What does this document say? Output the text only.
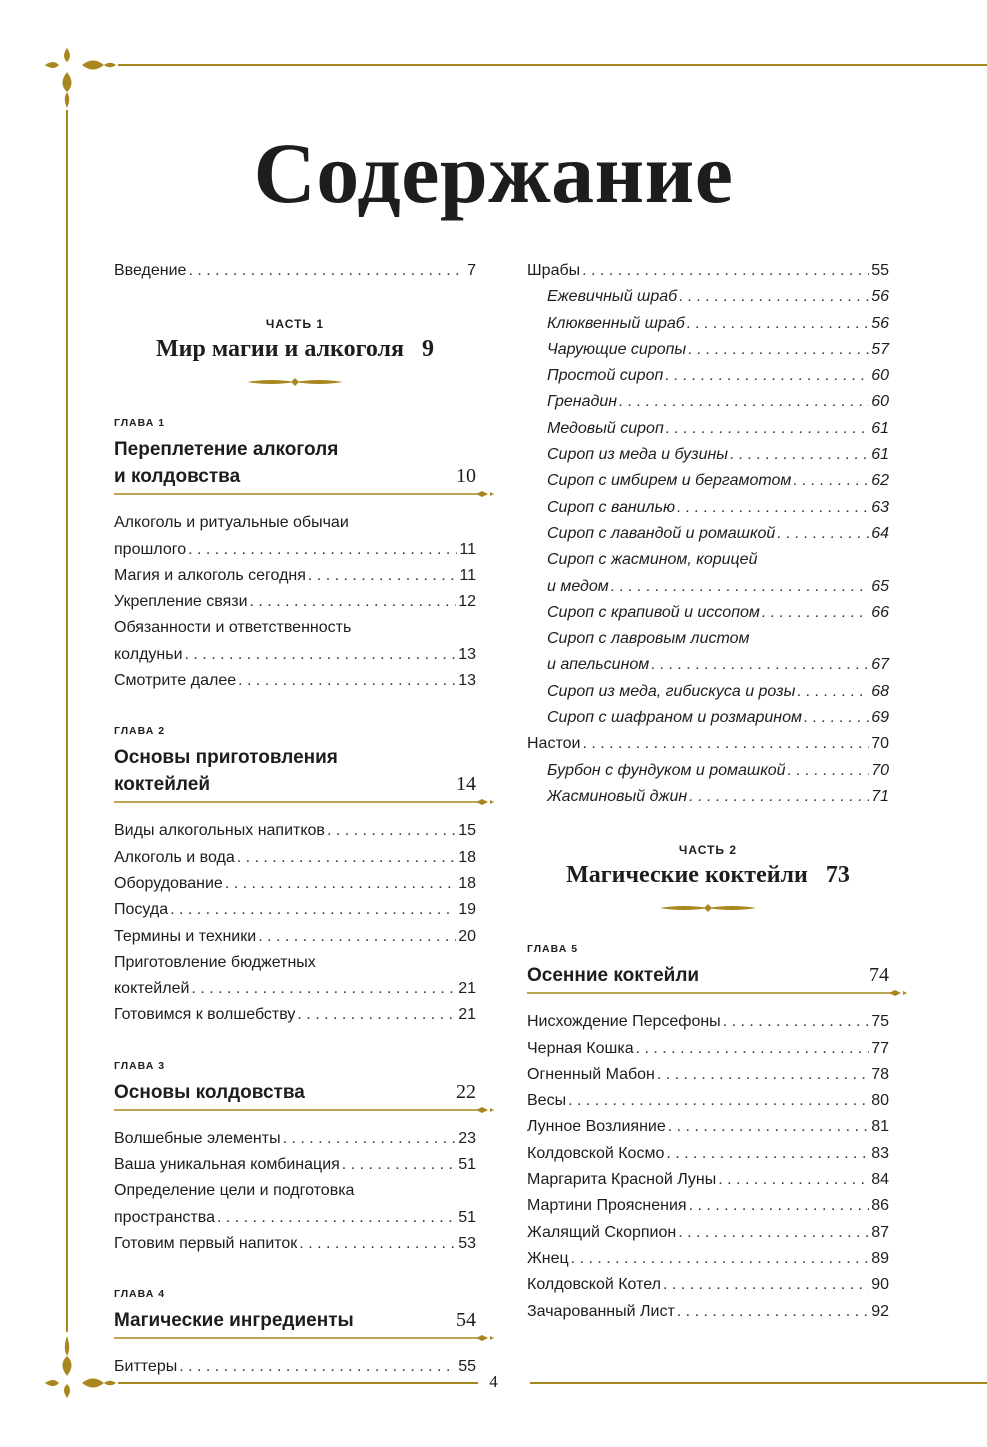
Содержание
Введение . . .	7
ЧАСТЬ 1
Мир магии и алкоголя 9
ГЛАВА 1
Переплетение алкоголя
и колдовства	10
Алкоголь и ритуальные обычаи
прошлого . . .	11
Магия и алкоголь сегодня . . .	11
Укрепление связи . . .	12
Обязанности и ответственность
колдуньи . . .	13
Смотрите далее . . .	13
ГЛАВА 2
Основы приготовления
коктейлей	14
Виды алкогольных напитков . . .	15
Алкоголь и вода . . .	18
Оборудование . . .	18
Посуда . . .	19
Термины и техники . . .	20
Приготовление бюджетных
коктейлей . . .	21
Готовимся к волшебству . . .	21
ГЛАВА 3
Основы колдовства	22
Волшебные элементы . . .	23
Ваша уникальная комбинация . . .	51
Определение цели и подготовка
пространства . . .	51
Готовим первый напиток . . .	53
ГЛАВА 4
Магические ингредиенты	54
Биттеры . . .	55
Шрабы . . .	55
Ежевичный шраб . . .	56
Клюквенный шраб . . .	56
Чарующие сиропы . . .	57
Простой сироп . . .	60
Гренадин . . .	60
Медовый сироп . . .	61
Сироп из меда и бузины . . .	61
Сироп с имбирем и бергамотом . . .	62
Сироп с ванилью . . .	63
Сироп с лавандой и ромашкой . . .	64
Сироп с жасмином, корицей
и медом . . .	65
Сироп с крапивой и иссопом . . .	66
Сироп с лавровым листом
и апельсином . . .	67
Сироп из меда, гибискуса и розы . . .	68
Сироп с шафраном и розмарином . . .	69
Настои . . .	70
Бурбон с фундуком и ромашкой . . .	70
Жасминовый джин . . .	71
ЧАСТЬ 2
Магические коктейли 73
ГЛАВА 5
Осенние коктейли	74
Нисхождение Персефоны . . .	75
Черная Кошка . . .	77
Огненный Мабон . . .	78
Весы . . .	80
Лунное Возлияние . . .	81
Колдовской Космо . . .	83
Маргарита Красной Луны . . .	84
Мартини Прояснения . . .	86
Жалящий Скорпион . . .	87
Жнец . . .	89
Колдовской Котел . . .	90
Зачарованный Лист . . .	92
4
